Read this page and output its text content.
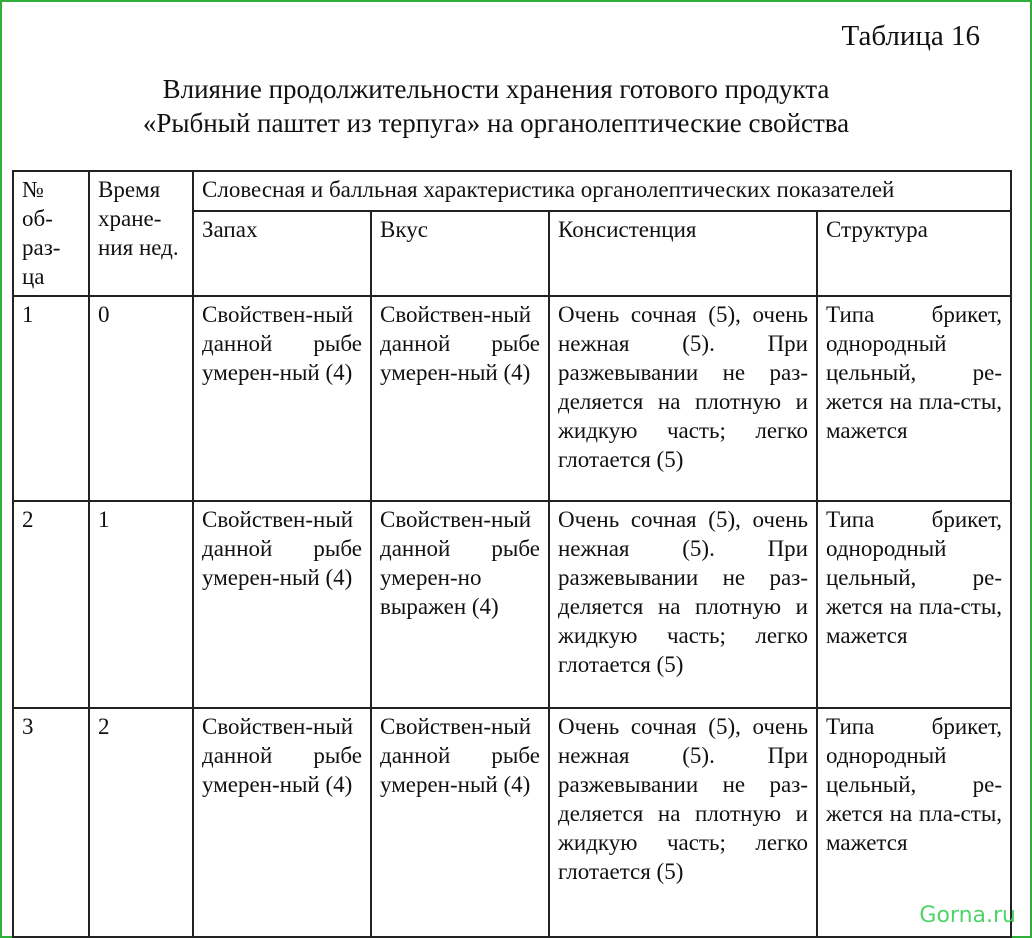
Таблица 16
Влияние продолжительности хранения готового продукта
«Рыбный паштет из терпуга» на органолептические свойства
№ об-раз-ца	Время хране-ния нед.	Словесная и балльная характеристика органолептических показателей			
		Запах	Вкус	Консистенция	Структура
1	0	Свойствен-ный данной рыбе умерен-ный (4)	Свойствен-ный данной рыбе умерен-ный (4)	Очень сочная (5), очень нежная (5). При разжевывании не раз-деляется на плотную и жидкую часть; легко глотается (5)	Типа брикет, однородный цельный, ре-жется на пла-сты, мажется
2	1	Свойствен-ный данной рыбе умерен-ный (4)	Свойствен-ный данной рыбе умерен-но выражен (4)	Очень сочная (5), очень нежная (5). При разжевывании не раз-деляется на плотную и жидкую часть; легко глотается (5)	Типа брикет, однородный цельный, ре-жется на пла-сты, мажется
3	2	Свойствен-ный данной рыбе умерен-ный (4)	Свойствен-ный данной рыбе умерен-ный (4)	Очень сочная (5), очень нежная (5). При разжевывании не раз-деляется на плотную и жидкую часть; легко глотается (5)	Типа брикет, однородный цельный, ре-жется на пла-сты, мажется
Gorna.ru
